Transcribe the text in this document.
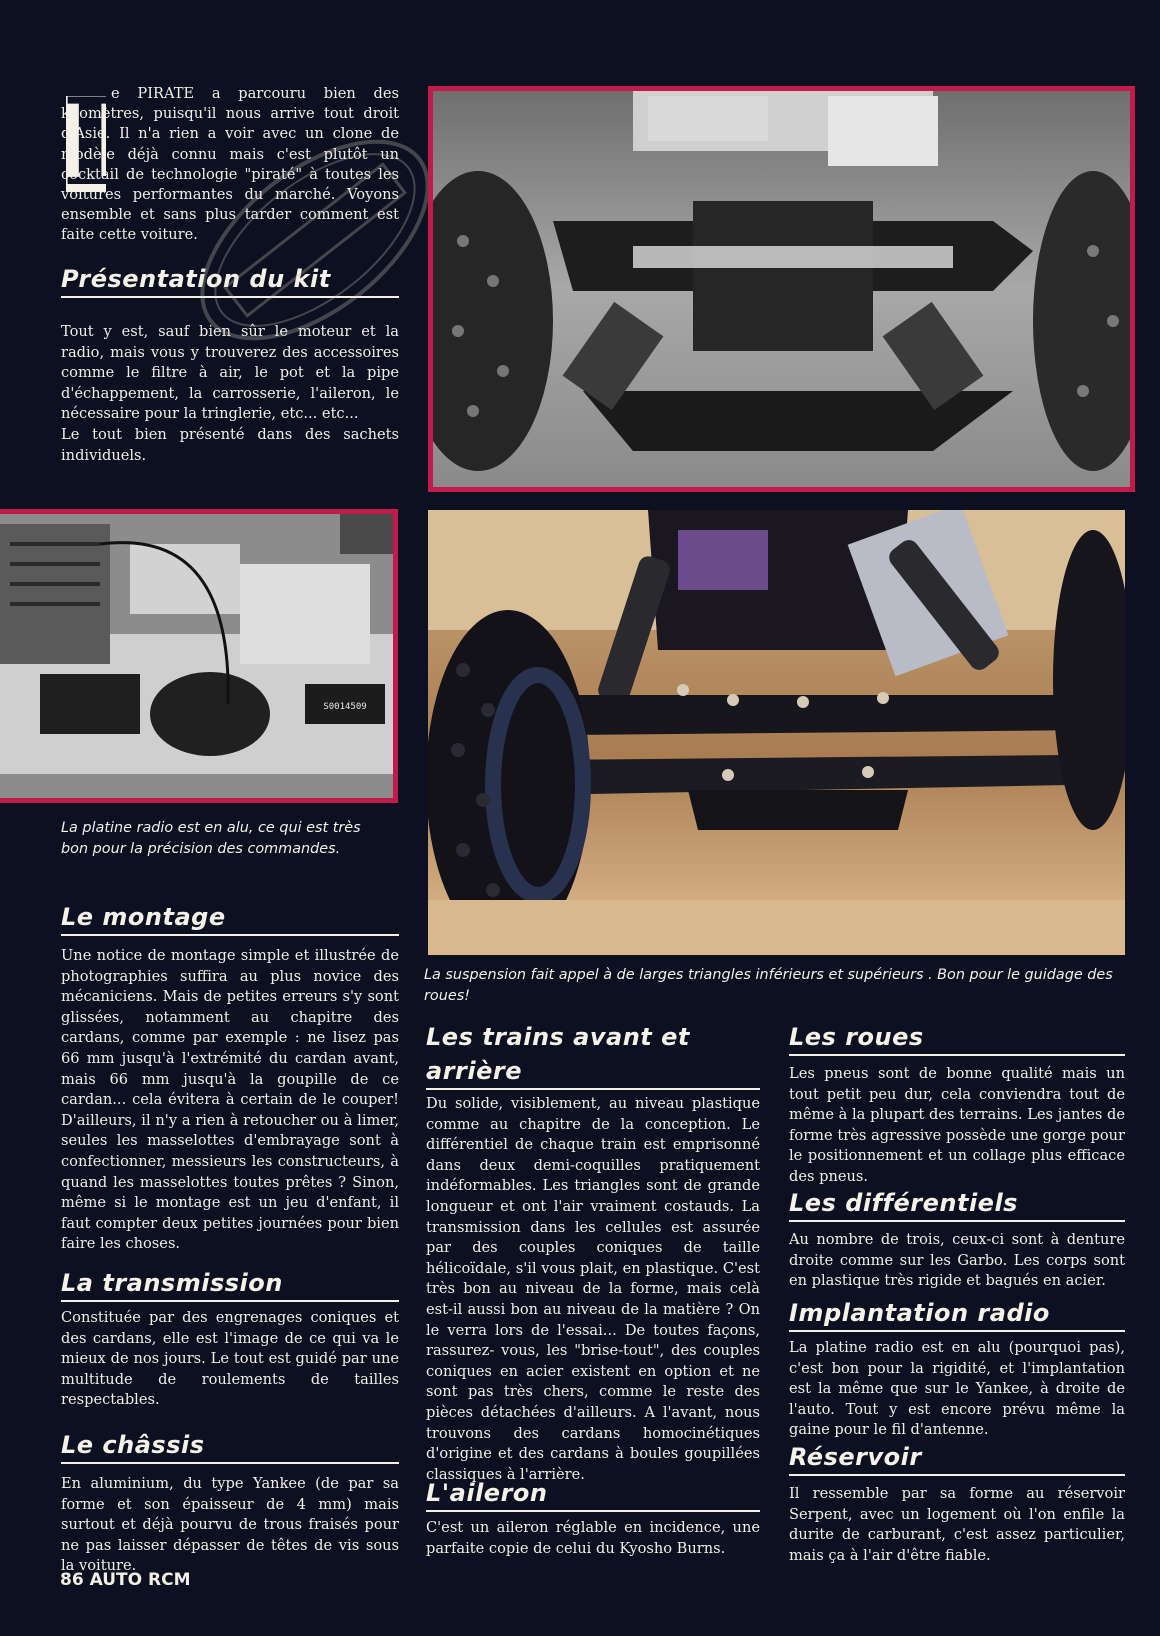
L
e PIRATE a parcouru bien des kilomètres, puisqu'il nous arrive tout droit d'Asie. Il n'a rien a voir avec un clone de modèle déjà connu mais c'est plutôt un cocktail de technologie "piraté" à toutes les voitures performantes du marché. Voyons ensemble et sans plus tarder comment est faite cette voiture.
Présentation du kit
Tout y est, sauf bien sûr le moteur et la radio, mais vous y trouverez des accessoires comme le filtre à air, le pot et la pipe d'échappement, la carrosserie, l'aileron, le nécessaire pour la tringlerie, etc... etc...
Le tout bien présenté dans des sachets individuels.
S0014509
La platine radio est en alu, ce qui est très bon pour la précision des commandes.
Le montage
Une notice de montage simple et illustrée de photographies suffira au plus novice des mécaniciens. Mais de petites erreurs s'y sont glissées, notamment au chapitre des cardans, comme par exemple : ne lisez pas 66 mm jusqu'à l'extrémité du cardan avant, mais 66 mm jusqu'à la goupille de ce cardan... cela évitera à certain de le couper! D'ailleurs, il n'y a rien à retoucher ou à limer, seules les masselottes d'embrayage sont à confectionner, messieurs les constructeurs, à quand les masselottes toutes prêtes ? Sinon, même si le montage est un jeu d'enfant, il faut compter deux petites journées pour bien faire les choses.
La transmission
Constituée par des engrenages coniques et des cardans, elle est l'image de ce qui va le mieux de nos jours. Le tout est guidé par une multitude de roulements de tailles respectables.
Le châssis
En aluminium, du type Yankee (de par sa forme et son épaisseur de 4 mm) mais surtout et déjà pourvu de trous fraisés pour ne pas laisser dépasser de têtes de vis sous la voiture.
La suspension fait appel à de larges triangles inférieurs et supérieurs . Bon pour le guidage des roues!
Les trains avant et
arrière
Du solide, visiblement, au niveau plastique comme au chapitre de la conception. Le différentiel de chaque train est emprisonné dans deux demi-coquilles pratiquement indéformables. Les triangles sont de grande longueur et ont l'air vraiment costauds. La transmission dans les cellules est assurée par des couples coniques de taille hélicoïdale, s'il vous plait, en plastique. C'est très bon au niveau de la forme, mais celà est-il aussi bon au niveau de la matière ? On le verra lors de l'essai... De toutes façons, rassurez- vous, les "brise-tout", des couples coniques en acier existent en option et ne sont pas très chers, comme le reste des pièces détachées d'ailleurs. A l'avant, nous trouvons des cardans homocinétiques d'origine et des cardans à boules goupillées classiques à l'arrière.
L'aileron
C'est un aileron réglable en incidence, une parfaite copie de celui du Kyosho Burns.
Les roues
Les pneus sont de bonne qualité mais un tout petit peu dur, cela conviendra tout de même à la plupart des terrains. Les jantes de forme très agressive possède une gorge pour le positionnement et un collage plus efficace des pneus.
Les différentiels
Au nombre de trois, ceux-ci sont à denture droite comme sur les Garbo. Les corps sont en plastique très rigide et bagués en acier.
Implantation radio
La platine radio est en alu (pourquoi pas), c'est bon pour la rigidité, et l'implantation est la même que sur le Yankee, à droite de l'auto. Tout y est encore prévu même la gaine pour le fil d'antenne.
Réservoir
Il ressemble par sa forme au réservoir Serpent, avec un logement où l'on enfile la durite de carburant, c'est assez particulier, mais ça à l'air d'être fiable.
86 AUTO RCM
